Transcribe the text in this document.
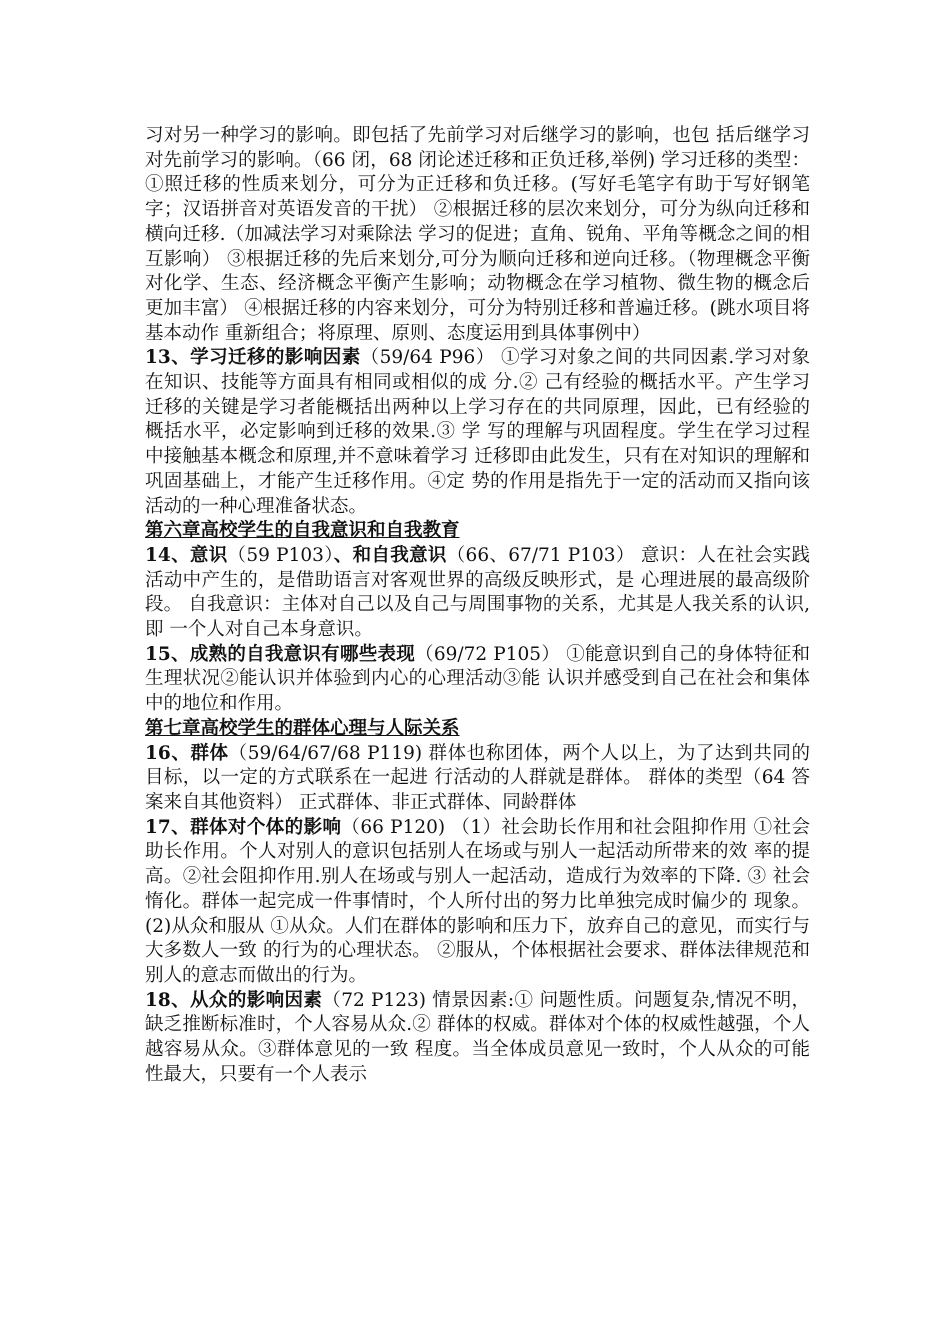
习对另一种学习的影响。即包括了先前学习对后继学习的影响，也包 括后继学习对先前学习的影响。（66 闭，68 闭论述迁移和正负迁移,举例) 学习迁移的类型：①照迁移的性质来划分，可分为正迁移和负迁移。(写好毛笔字有助于写好钢笔 字；汉语拼音对英语发音的干扰） ②根据迁移的层次来划分，可分为纵向迁移和横向迁移.（加减法学习对乘除法 学习的促进；直角、锐角、平角等概念之间的相互影响） ③根据迁移的先后来划分,可分为顺向迁移和逆向迁移。（物理概念平衡对化学、生态、经济概念平衡产生影响；动物概念在学习植物、微生物的概念后更加丰富） ④根据迁移的内容来划分，可分为特别迁移和普遍迁移。(跳水项目将基本动作 重新组合；将原理、原则、态度运用到具体事例中）

13、学习迁移的影响因素（59/64 P96） ①学习对象之间的共同因素.学习对象在知识、技能等方面具有相同或相似的成 分.② 己有经验的概括水平。产生学习迁移的关键是学习者能概括出两种以上学习存在的共同原理，因此，已有经验的概括水平，必定影响到迁移的效果.③ 学 写的理解与巩固程度。学生在学习过程中接触基本概念和原理,并不意味着学习 迁移即由此发生，只有在对知识的理解和巩固基础上，才能产生迁移作用。④定 势的作用是指先于一定的活动而又指向该活动的一种心理准备状态。

第六章高校学生的自我意识和自我教育

14、意识（59 P103）、和自我意识（66、67/71 P103） 意识：人在社会实践活动中产生的，是借助语言对客观世界的高级反映形式，是 心理进展的最高级阶段。 自我意识：主体对自己以及自己与周围事物的关系，尤其是人我关系的认识,即 一个人对自己本身意识。

15、成熟的自我意识有哪些表现（69/72 P105） ①能意识到自己的身体特征和生理状况②能认识并体验到内心的心理活动③能 认识并感受到自己在社会和集体中的地位和作用。

第七章高校学生的群体心理与人际关系

16、群体（59/64/67/68 P119) 群体也称团体，两个人以上，为了达到共同的目标，以一定的方式联系在一起进 行活动的人群就是群体。 群体的类型（64 答案来自其他资料） 正式群体、非正式群体、同龄群体

17、群体对个体的影响（66 P120) （1）社会助长作用和社会阻抑作用 ①社会助长作用。个人对别人的意识包括别人在场或与别人一起活动所带来的效 率的提高。②社会阻抑作用.别人在场或与别人一起活动，造成行为效率的下降. ③ 社会惰化。群体一起完成一件事情时，个人所付出的努力比单独完成时偏少的 现象。 (2)从众和服从 ①从众。人们在群体的影响和压力下，放弃自己的意见，而实行与大多数人一致 的行为的心理状态。 ②服从，个体根据社会要求、群体法律规范和别人的意志而做出的行为。

18、从众的影响因素（72 P123) 情景因素:① 问题性质。问题复杂,情况不明，缺乏推断标准时，个人容易从众.② 群体的权威。群体对个体的权威性越强，个人越容易从众。③群体意见的一致 程度。当全体成员意见一致时，个人从众的可能性最大，只要有一个人表示
